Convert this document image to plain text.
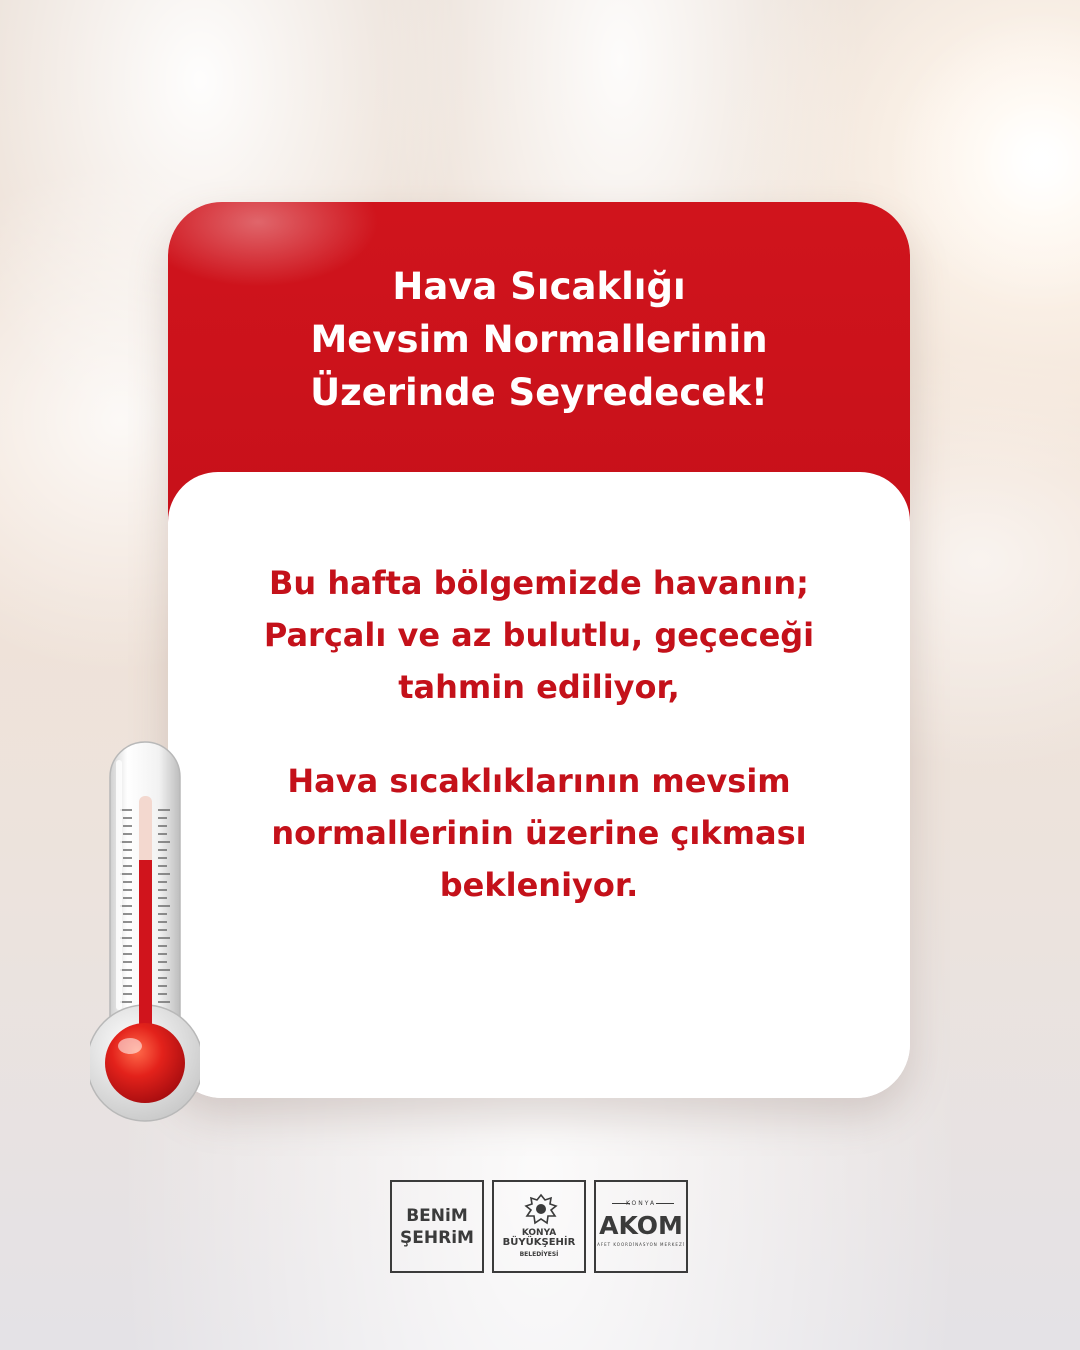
Hava Sıcaklığı
Mevsim Normallerinin
Üzerinde Seyredecek!

Bu hafta bölgemizde havanın;
Parçalı ve az bulutlu, geçeceği
tahmin ediliyor,

Hava sıcaklıklarının mevsim
normallerinin üzerine çıkması
bekleniyor.

BENiM
ŞEHRiM	KONYA
BÜYÜKŞEHİR
BELEDİYESİ
KONYA
AKOM
AFET KOORDİNASYON MERKEZİ
